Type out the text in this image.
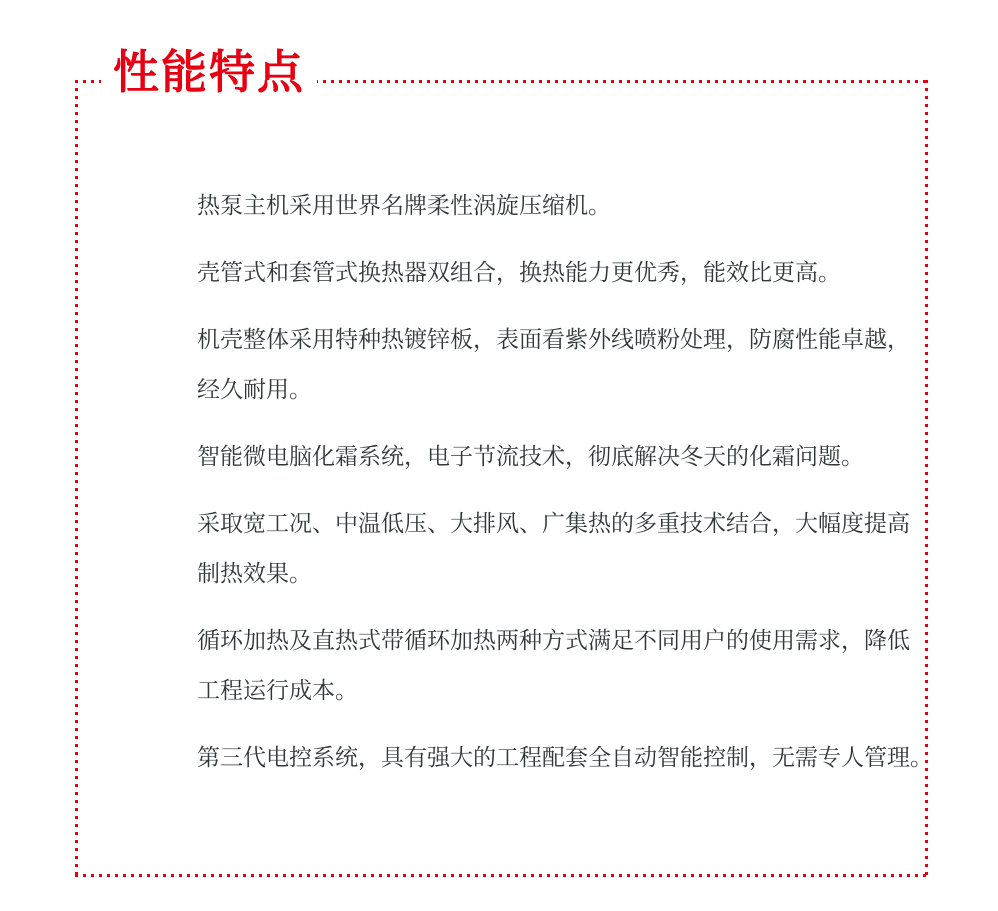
性能特点
热泵主机采用世界名牌柔性涡旋压缩机。
壳管式和套管式换热器双组合，换热能力更优秀，能效比更高。
机壳整体采用特种热镀锌板，表面看紫外线喷粉处理，防腐性能卓越，
经久耐用。
智能微电脑化霜系统，电子节流技术，彻底解决冬天的化霜问题。
采取宽工况、中温低压、大排风、广集热的多重技术结合，大幅度提高
制热效果。
循环加热及直热式带循环加热两种方式满足不同用户的使用需求，降低
工程运行成本。
第三代电控系统，具有强大的工程配套全自动智能控制，无需专人管理。
